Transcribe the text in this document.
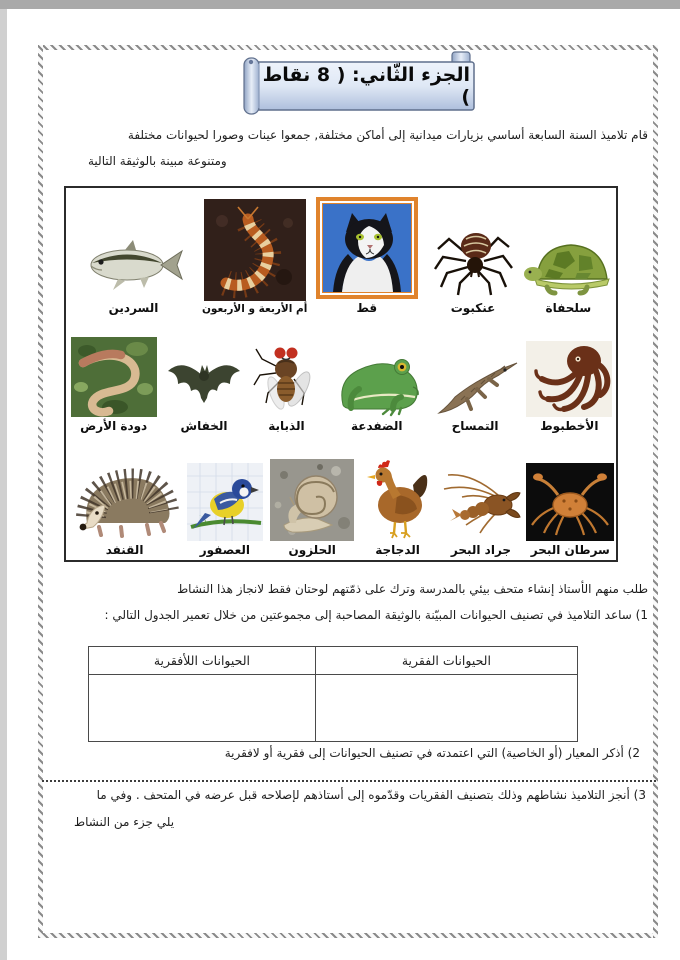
الجزء الثّاني: ( 8 نقاط )
قام تلاميذ السنة السابعة أساسي بزيارات ميدانية إلى أماكن مختلفة, جمعوا عينات وصورا لحيوانات مختلفة
ومتنوعة مبينة بالوثيقة التالية
السردين	أم الأربعة و الأربعون	قط	عنكبوت	سلحفاة
دودة الأرض	الخفاش	الذبابة	الضفدعة	التمساح	الأخطبوط
القنفد	العصفور	الحلزون	الدجاجة	جراد البحر سرطان البحر
طلب منهم الأستاذ إنشاء متحف بيئي بالمدرسة وترك على ذمّتهم لوحتان فقط لانجاز هذا النشاط
1) ساعد التلاميذ في تصنيف الحيوانات المبيّنة بالوثيقة المصاحبة إلى مجموعتين من خلال تعمير الجدول التالي :
الحيوانات الفقرية	الحيوانات اللأفقرية

2) أذكر المعيار (أو الخاصية) التي اعتمدته في تصنيف الحيوانات إلى فقرية أو لافقرية
3) أنجز التلاميذ نشاطهم وذلك بتصنيف الفقريات وقدّموه إلى أستاذهم لإصلاحه قبل عرضه في المتحف . وفي ما
يلي جزء من النشاط
